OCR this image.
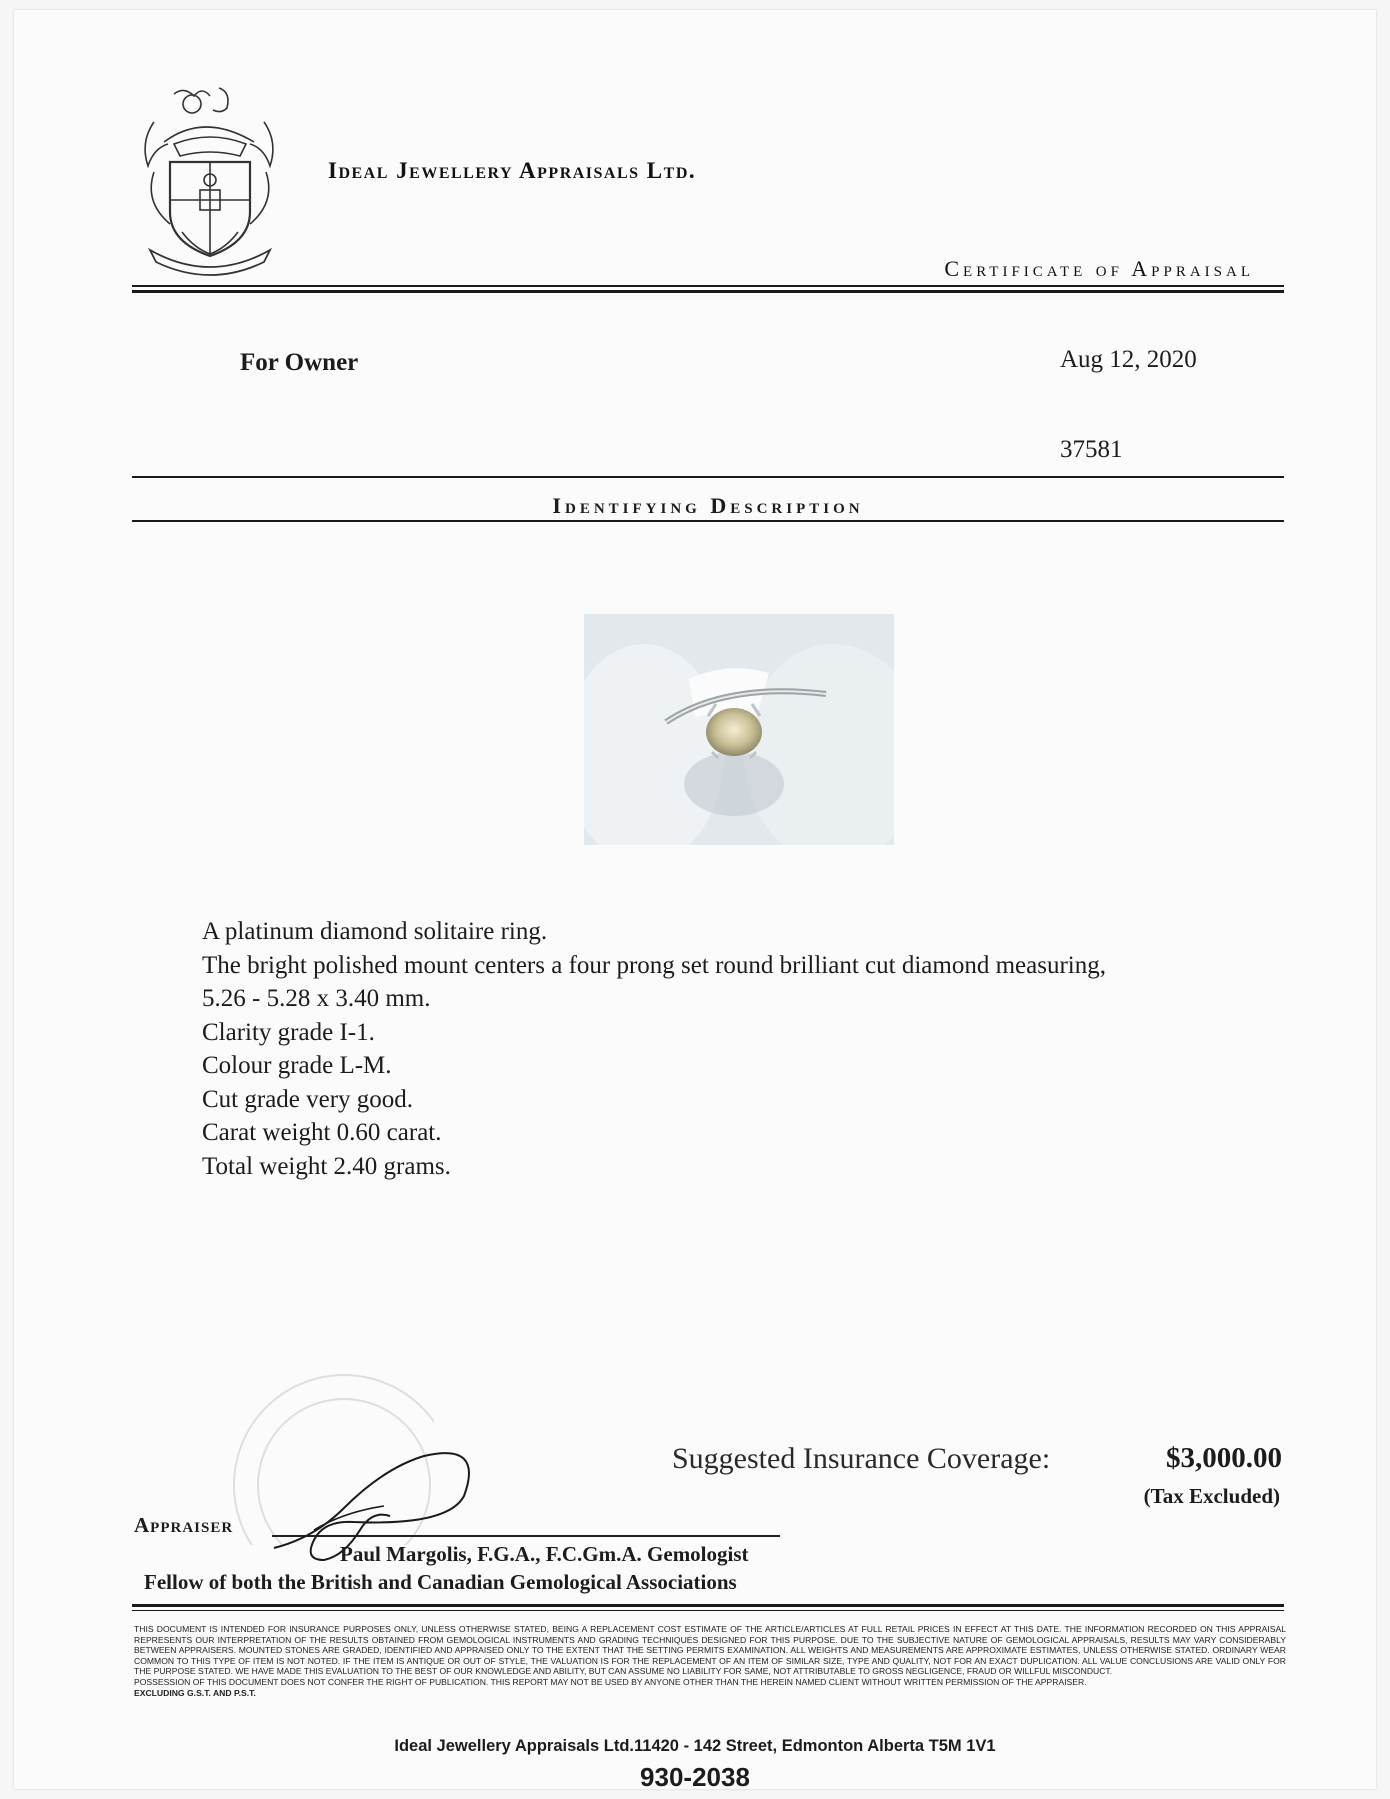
Ideal Jewellery Appraisals Ltd.
Certificate of Appraisal
For Owner	Aug 12, 2020
37581
Identifying Description
A platinum diamond solitaire ring.
The bright polished mount centers a four prong set round brilliant cut diamond measuring,
5.26 - 5.28 x 3.40 mm.
Clarity grade I-1.
Colour grade L-M.
Cut grade very good.
Carat weight 0.60 carat.
Total weight 2.40 grams.
Suggested Insurance Coverage:	$3,000.00
(Tax Excluded)
Appraiser
Paul Margolis, F.G.A., F.C.Gm.A. Gemologist
Fellow of both the British and Canadian Gemological Associations
THIS DOCUMENT IS INTENDED FOR INSURANCE PURPOSES ONLY, UNLESS OTHERWISE STATED, BEING A REPLACEMENT COST ESTIMATE OF THE ARTICLE/ARTICLES AT FULL RETAIL PRICES IN EFFECT AT THIS DATE. THE INFORMATION RECORDED ON THIS APPRAISAL REPRESENTS OUR INTERPRETATION OF THE RESULTS OBTAINED FROM GEMOLOGICAL INSTRUMENTS AND GRADING TECHNIQUES DESIGNED FOR THIS PURPOSE. DUE TO THE SUBJECTIVE NATURE OF GEMOLOGICAL APPRAISALS, RESULTS MAY VARY CONSIDERABLY BETWEEN APPRAISERS. MOUNTED STONES ARE GRADED, IDENTIFIED AND APPRAISED ONLY TO THE EXTENT THAT THE SETTING PERMITS EXAMINATION. ALL WEIGHTS AND MEASUREMENTS ARE APPROXIMATE ESTIMATES, UNLESS OTHERWISE STATED. ORDINARY WEAR COMMON TO THIS TYPE OF ITEM IS NOT NOTED. IF THE ITEM IS ANTIQUE OR OUT OF STYLE, THE VALUATION IS FOR THE REPLACEMENT OF AN ITEM OF SIMILAR SIZE, TYPE AND QUALITY, NOT FOR AN EXACT DUPLICATION. ALL VALUE CONCLUSIONS ARE VALID ONLY FOR THE PURPOSE STATED. WE HAVE MADE THIS EVALUATION TO THE BEST OF OUR KNOWLEDGE AND ABILITY, BUT CAN ASSUME NO LIABILITY FOR SAME, NOT ATTRIBUTABLE TO GROSS NEGLIGENCE, FRAUD OR WILLFUL MISCONDUCT.
POSSESSION OF THIS DOCUMENT DOES NOT CONFER THE RIGHT OF PUBLICATION. THIS REPORT MAY NOT BE USED BY ANYONE OTHER THAN THE HEREIN NAMED CLIENT WITHOUT WRITTEN PERMISSION OF THE APPRAISER.
EXCLUDING G.S.T. AND P.S.T.
Ideal Jewellery Appraisals Ltd.11420 - 142 Street, Edmonton Alberta T5M 1V1
930-2038
